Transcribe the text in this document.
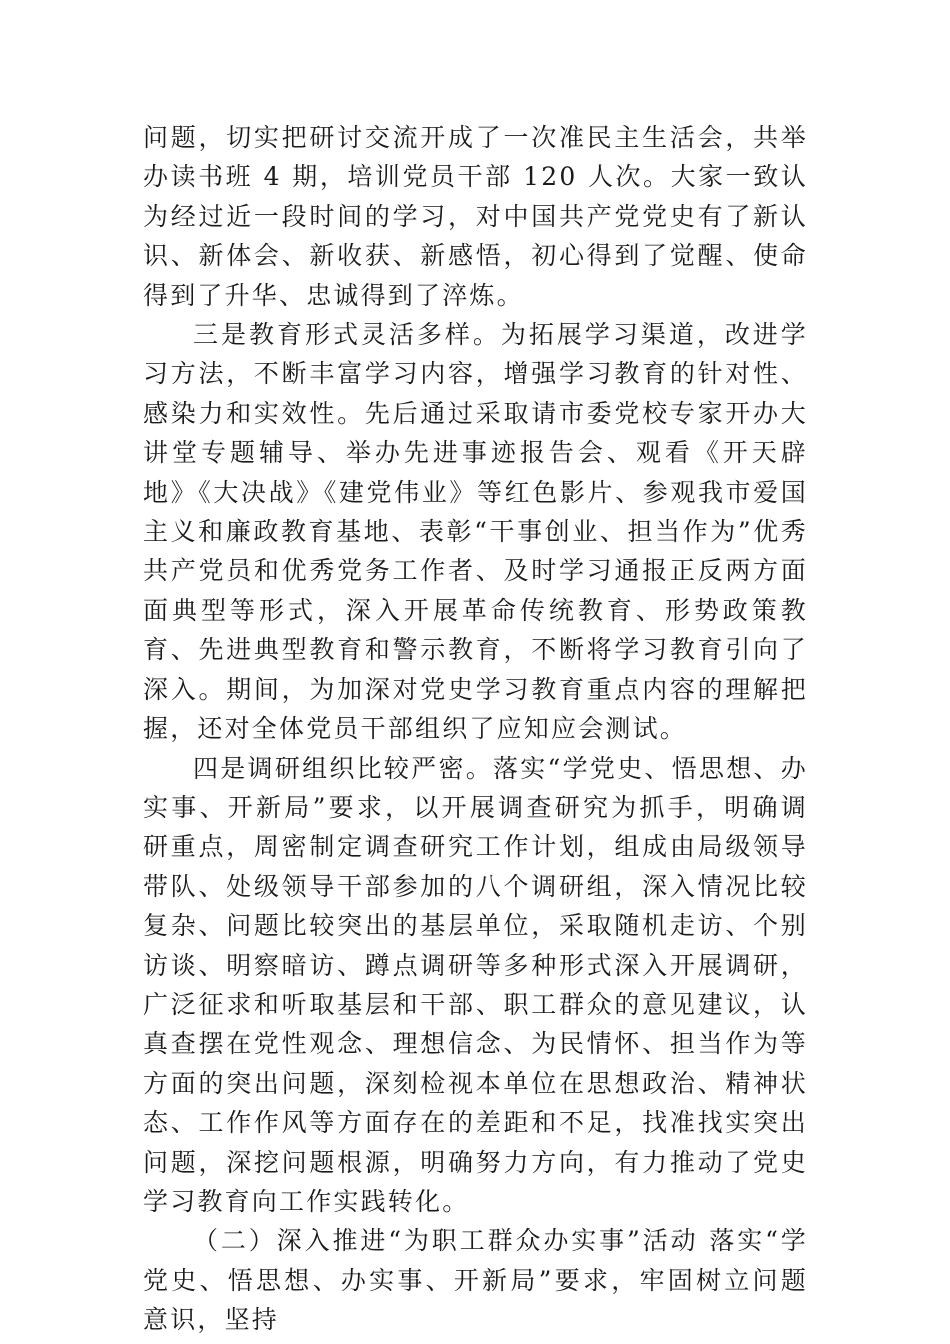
问题，切实把研讨交流开成了一次准民主生活会，共举办读书班 4 期，培训党员干部 120 人次。大家一致认为经过近一段时间的学习，对中国共产党党史有了新认识、新体会、新收获、新感悟，初心得到了觉醒、使命得到了升华、忠诚得到了淬炼。

三是教育形式灵活多样。为拓展学习渠道，改进学习方法，不断丰富学习内容，增强学习教育的针对性、感染力和实效性。先后通过采取请市委党校专家开办大讲堂专题辅导、举办先进事迹报告会、观看《开天辟地》《大决战》《建党伟业》等红色影片、参观我市爱国主义和廉政教育基地、表彰“干事创业、担当作为”优秀共产党员和优秀党务工作者、及时学习通报正反两方面面典型等形式，深入开展革命传统教育、形势政策教育、先进典型教育和警示教育，不断将学习教育引向了深入。期间，为加深对党史学习教育重点内容的理解把握，还对全体党员干部组织了应知应会测试。

四是调研组织比较严密。落实“学党史、悟思想、办实事、开新局”要求，以开展调查研究为抓手，明确调研重点，周密制定调查研究工作计划，组成由局级领导带队、处级领导干部参加的八个调研组，深入情况比较复杂、问题比较突出的基层单位，采取随机走访、个别访谈、明察暗访、蹲点调研等多种形式深入开展调研，广泛征求和听取基层和干部、职工群众的意见建议，认真查摆在党性观念、理想信念、为民情怀、担当作为等方面的突出问题，深刻检视本单位在思想政治、精神状态、工作作风等方面存在的差距和不足，找准找实突出问题，深挖问题根源，明确努力方向，有力推动了党史学习教育向工作实践转化。

（二）深入推进“为职工群众办实事”活动 落实“学党史、悟思想、办实事、开新局”要求，牢固树立问题意识，坚持
